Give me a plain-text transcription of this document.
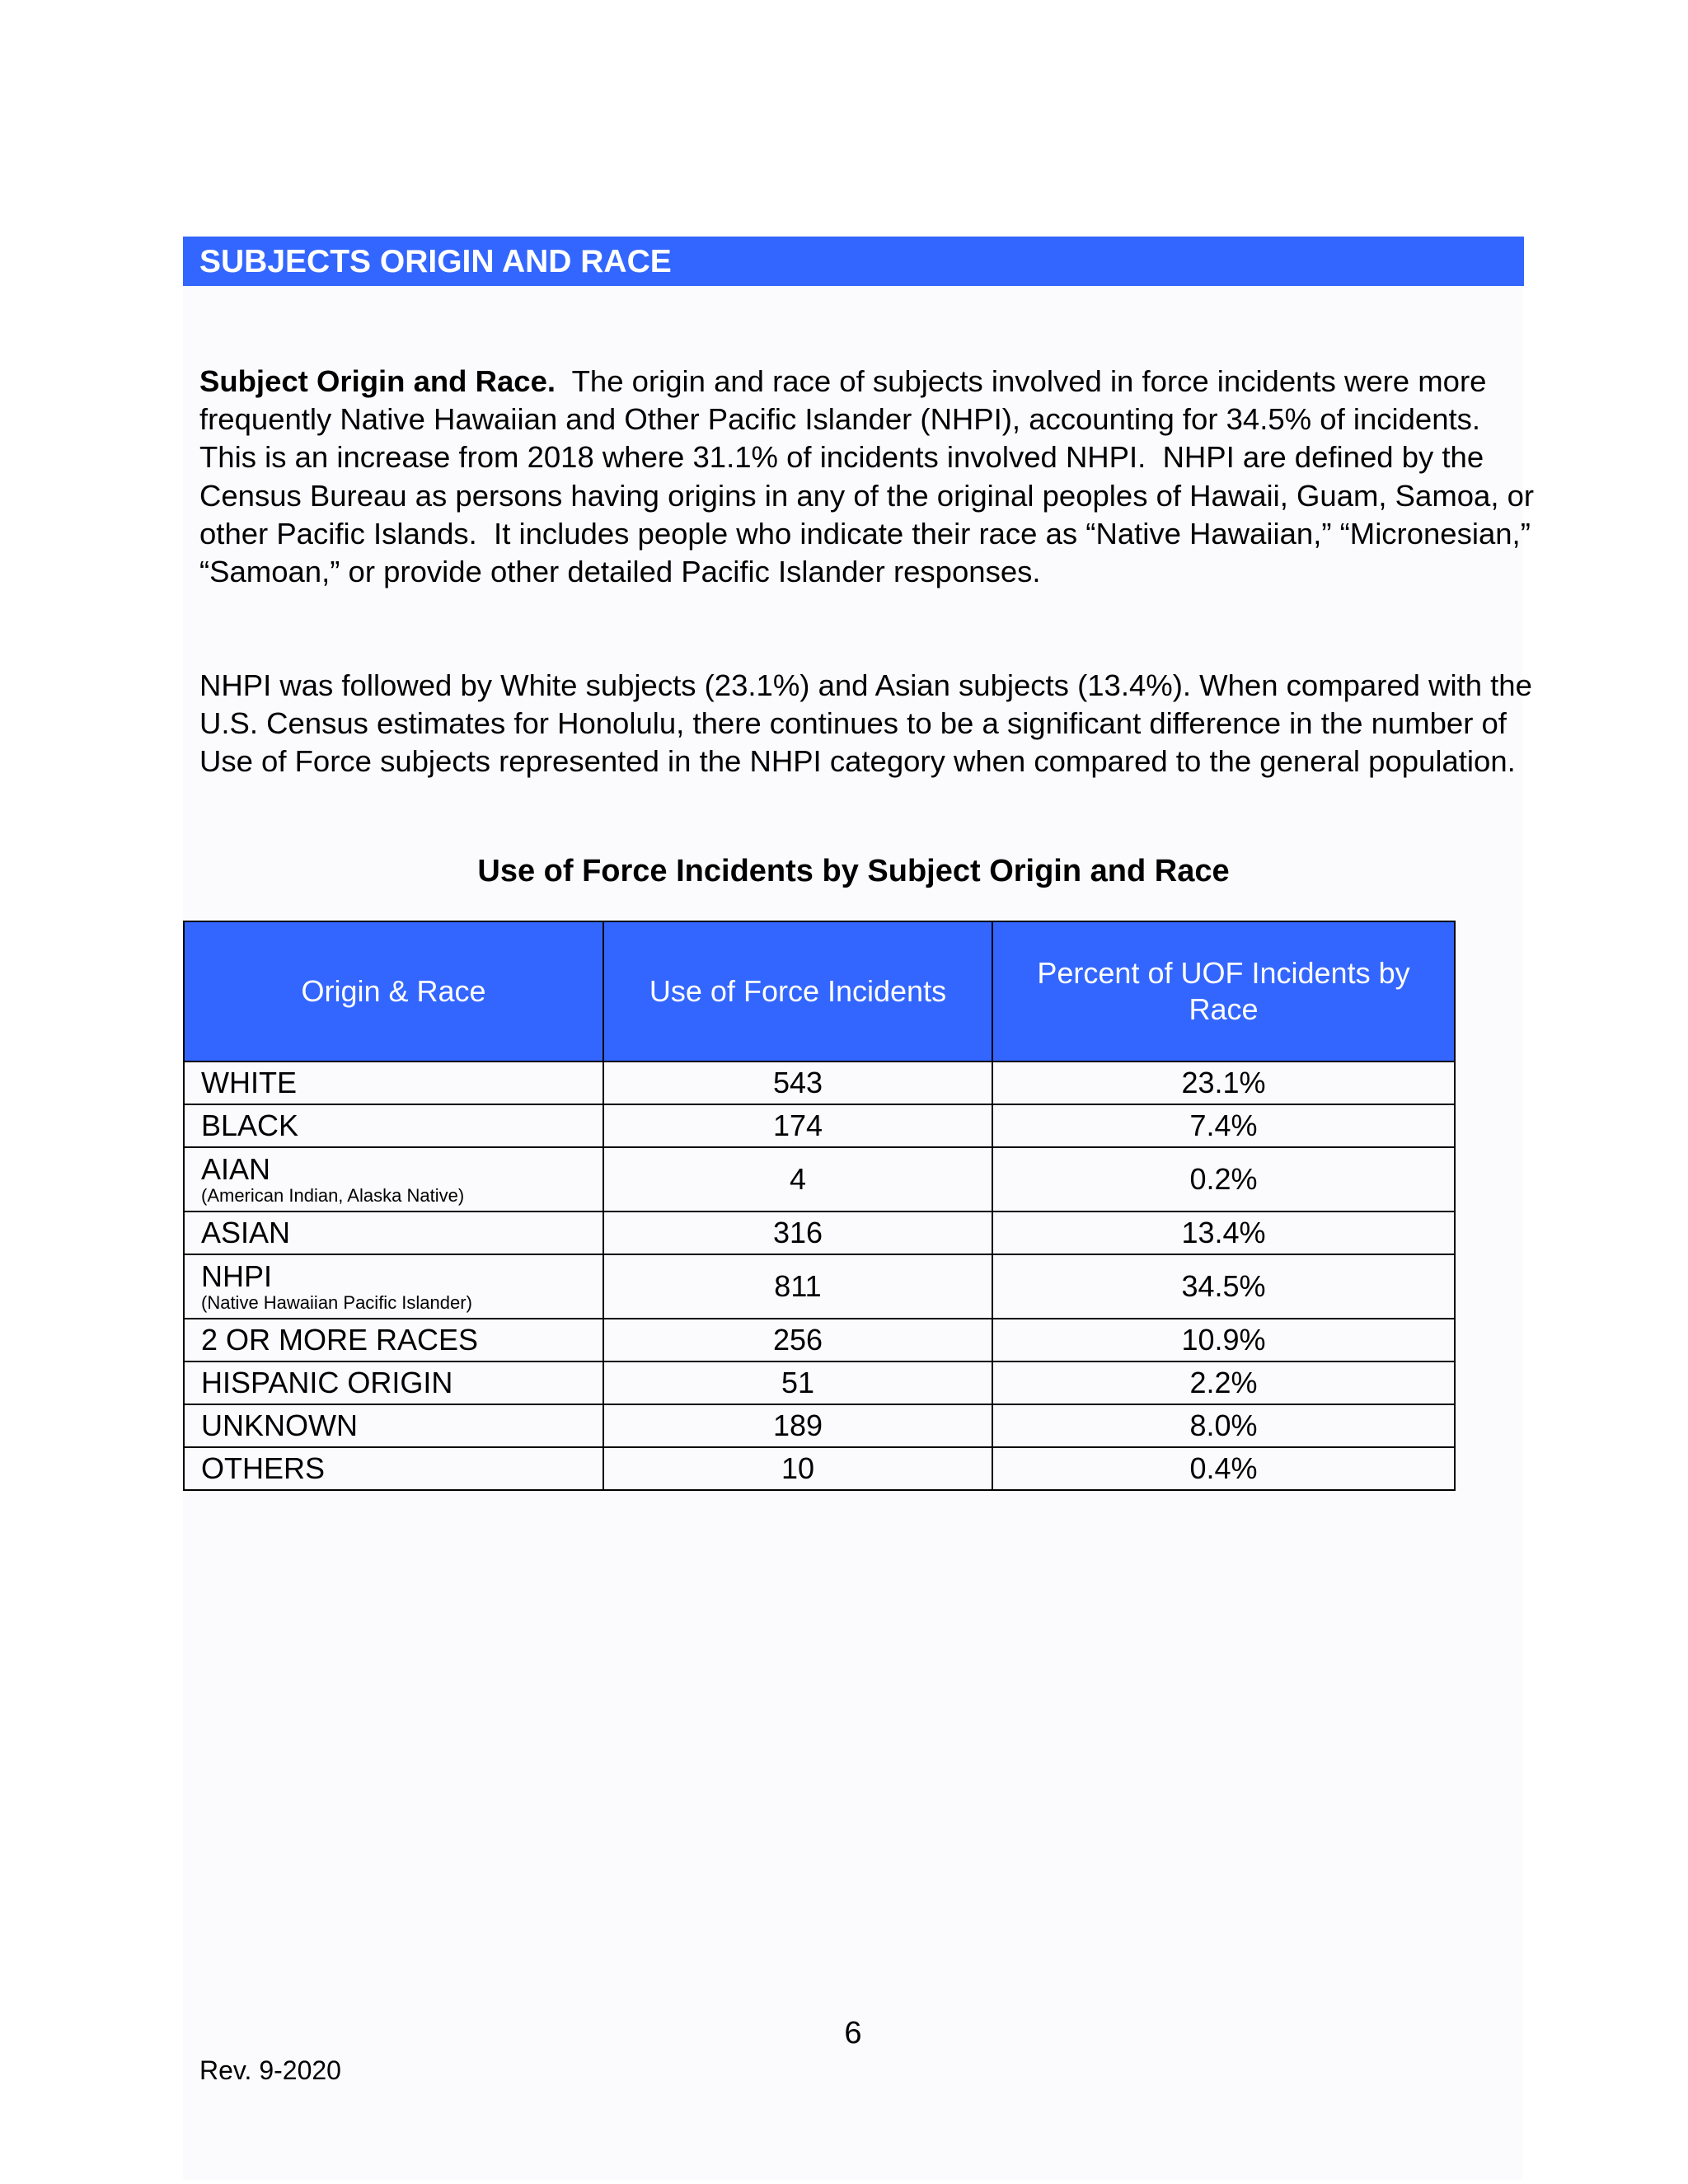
SUBJECTS ORIGIN AND RACE

Subject Origin and Race.  The origin and race of subjects involved in force incidents were more frequently Native Hawaiian and Other Pacific Islander (NHPI), accounting for 34.5% of incidents.  This is an increase from 2018 where 31.1% of incidents involved NHPI.  NHPI are defined by the Census Bureau as persons having origins in any of the original peoples of Hawaii, Guam, Samoa, or other Pacific Islands.  It includes people who indicate their race as “Native Hawaiian,” “Micronesian,” “Samoan,” or provide other detailed Pacific Islander responses.

NHPI was followed by White subjects (23.1%) and Asian subjects (13.4%). When compared with the U.S. Census estimates for Honolulu, there continues to be a significant difference in the number of Use of Force subjects represented in the NHPI category when compared to the general population.

Use of Force Incidents by Subject Origin and Race
Origin & Race	Use of Force Incidents	Percent of UOF Incidents by Race

WHITE	543	23.1%

BLACK	174	7.4%

AIAN
(American Indian, Alaska Native)	4	0.2%

ASIAN	316	13.4%

NHPI
(Native Hawaiian Pacific Islander)	811	34.5%

2 OR MORE RACES	256	10.9%

HISPANIC ORIGIN	51	2.2%

UNKNOWN	189	8.0%

OTHERS	10	0.4%
6
Rev. 9-2020
